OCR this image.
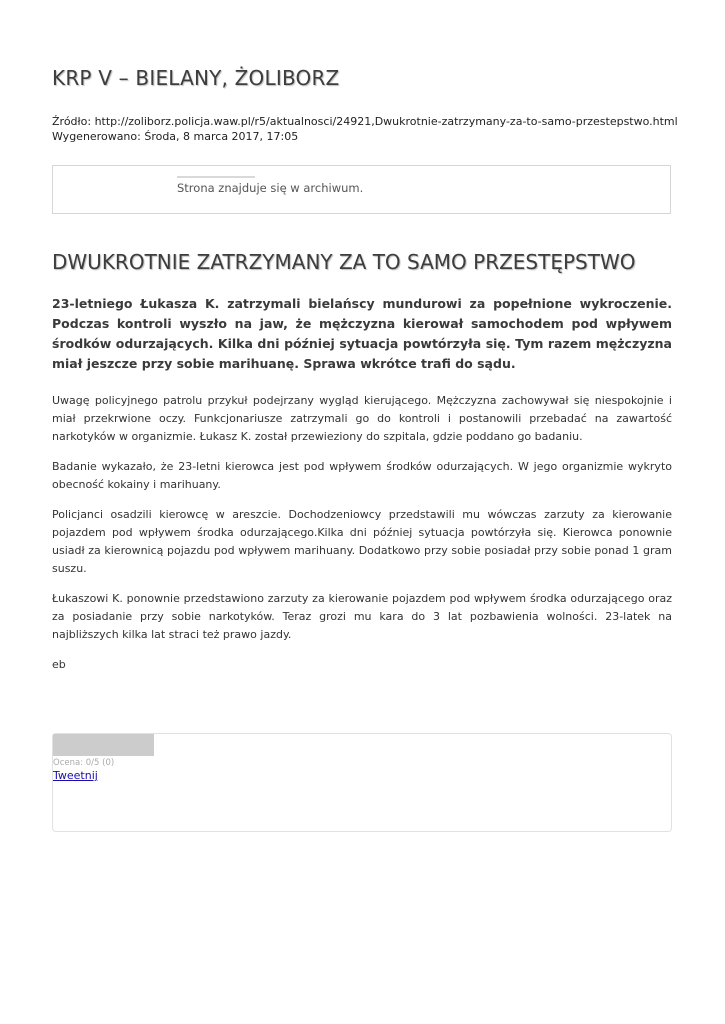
KRP V – BIELANY, ŻOLIBORZ
Źródło: http://zoliborz.policja.waw.pl/r5/aktualnosci/24921,Dwukrotnie-zatrzymany-za-to-samo-przestepstwo.html
Wygenerowano: Środa, 8 marca 2017, 17:05
Strona znajduje się w archiwum.
DWUKROTNIE ZATRZYMANY ZA TO SAMO PRZESTĘPSTWO

23-letniego Łukasza K. zatrzymali bielańscy mundurowi za popełnione wykroczenie. Podczas kontroli wyszło na jaw, że mężczyzna kierował samochodem pod wpływem środków odurzających. Kilka dni później sytuacja powtórzyła się. Tym razem mężczyzna miał jeszcze przy sobie marihuanę. Sprawa wkrótce trafi do sądu.

Uwagę policyjnego patrolu przykuł podejrzany wygląd kierującego. Mężczyzna zachowywał się niespokojnie i miał przekrwione oczy. Funkcjonariusze zatrzymali go do kontroli i postanowili przebadać na zawartość narkotyków w organizmie. Łukasz K. został przewieziony do szpitala, gdzie poddano go badaniu.

Badanie wykazało, że 23-letni kierowca jest pod wpływem środków odurzających. W jego organizmie wykryto obecność kokainy i marihuany.

Policjanci osadzili kierowcę w areszcie. Dochodzeniowcy przedstawili mu wówczas zarzuty za kierowanie pojazdem pod wpływem środka odurzającego.Kilka dni później sytuacja powtórzyła się. Kierowca ponownie usiadł za kierownicą pojazdu pod wpływem marihuany. Dodatkowo przy sobie posiadał przy sobie ponad 1 gram suszu.

Łukaszowi K. ponownie przedstawiono zarzuty za kierowanie pojazdem pod wpływem środka odurzającego oraz za posiadanie przy sobie narkotyków. Teraz grozi mu kara do 3 lat pozbawienia wolności. 23-latek na najbliższych kilka lat straci też prawo jazdy.

eb

Ocena: 0/5 (0)
Tweetnij
